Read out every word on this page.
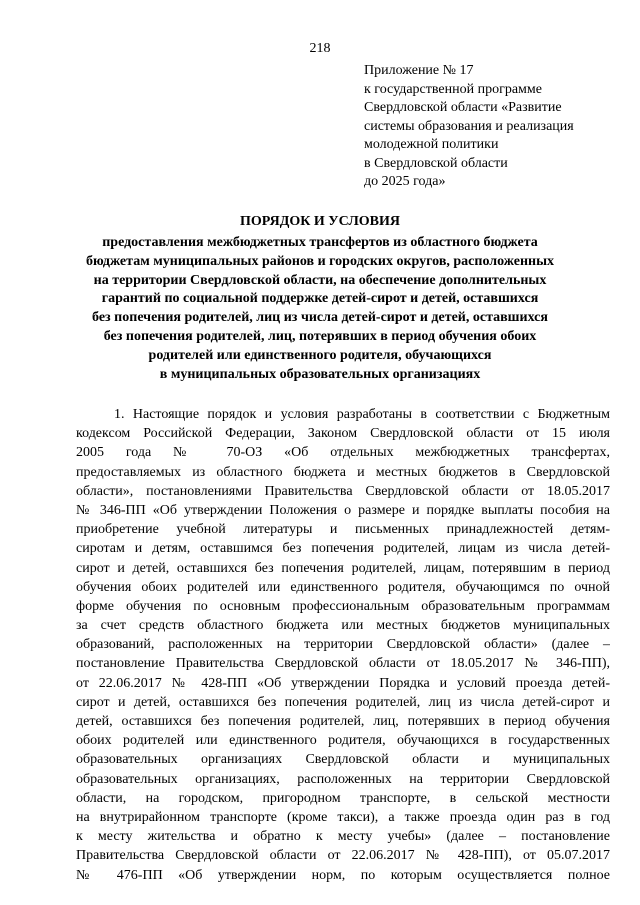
218
Приложение № 17
к государственной программе
Свердловской области «Развитие
системы образования и реализация
молодежной политики
в Свердловской области
до 2025 года»
ПОРЯДОК И УСЛОВИЯ
предоставления межбюджетных трансфертов из областного бюджета
бюджетам муниципальных районов и городских округов, расположенных
на территории Свердловской области, на обеспечение дополнительных
гарантий по социальной поддержке детей-сирот и детей, оставшихся
без попечения родителей, лиц из числа детей-сирот и детей, оставшихся
без попечения родителей, лиц, потерявших в период обучения обоих
родителей или единственного родителя, обучающихся
в муниципальных образовательных организациях
1. Настоящие порядок и условия разработаны в соответствии с Бюджетным
кодексом Российской Федерации, Законом Свердловской области от 15 июля
2005 года № 70-ОЗ «Об отдельных межбюджетных трансфертах,
предоставляемых из областного бюджета и местных бюджетов в Свердловской
области», постановлениями Правительства Свердловской области от 18.05.2017
№ 346-ПП «Об утверждении Положения о размере и порядке выплаты пособия на
приобретение учебной литературы и письменных принадлежностей детям-
сиротам и детям, оставшимся без попечения родителей, лицам из числа детей-
сирот и детей, оставшихся без попечения родителей, лицам, потерявшим в период
обучения обоих родителей или единственного родителя, обучающимся по очной
форме обучения по основным профессиональным образовательным программам
за счет средств областного бюджета или местных бюджетов муниципальных
образований, расположенных на территории Свердловской области» (далее –
постановление Правительства Свердловской области от 18.05.2017 № 346-ПП),
от 22.06.2017 № 428-ПП «Об утверждении Порядка и условий проезда детей-
сирот и детей, оставшихся без попечения родителей, лиц из числа детей-сирот и
детей, оставшихся без попечения родителей, лиц, потерявших в период обучения
обоих родителей или единственного родителя, обучающихся в государственных
образовательных организациях Свердловской области и муниципальных
образовательных организациях, расположенных на территории Свердловской
области, на городском, пригородном транспорте, в сельской местности
на внутрирайонном транспорте (кроме такси), а также проезда один раз в год
к месту жительства и обратно к месту учебы» (далее – постановление
Правительства Свердловской области от 22.06.2017 № 428-ПП), от 05.07.2017
№ 476-ПП «Об утверждении норм, по которым осуществляется полное
